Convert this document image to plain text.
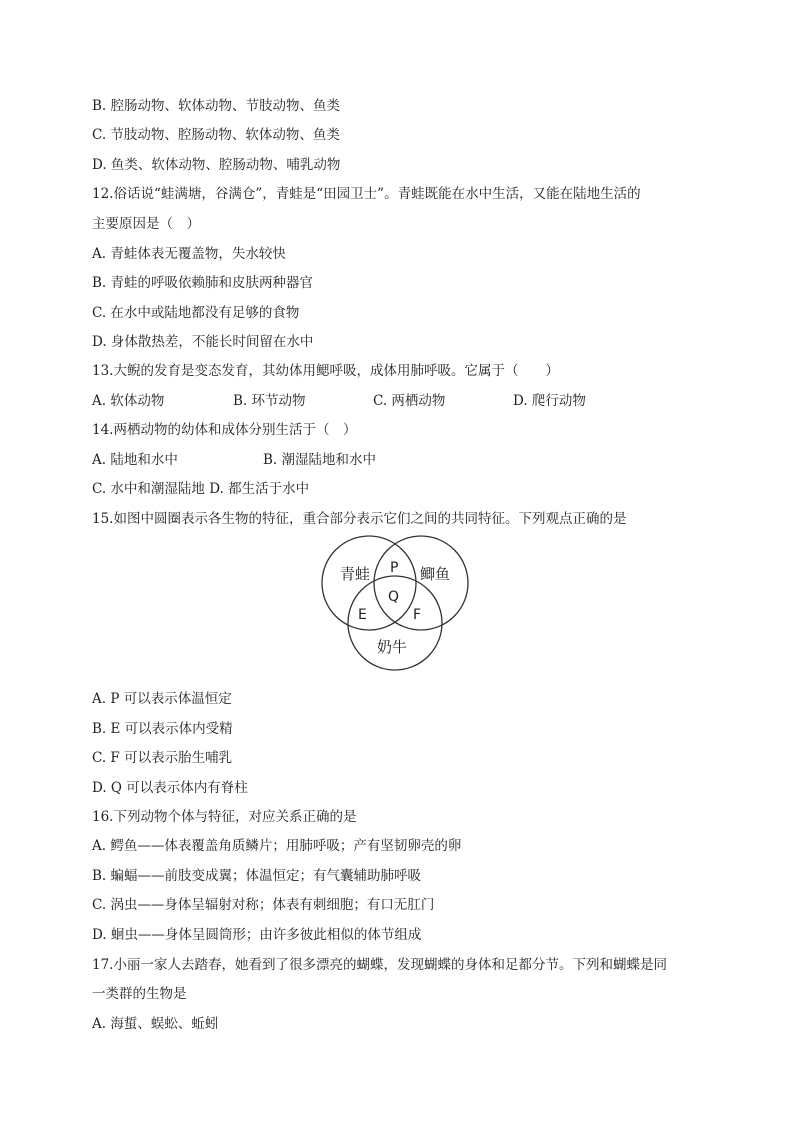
B. 腔肠动物、软体动物、节肢动物、鱼类
C. 节肢动物、腔肠动物、软体动物、鱼类
D. 鱼类、软体动物、腔肠动物、哺乳动物
12.俗话说“蛙满塘，谷满仓”，青蛙是“田园卫士”。青蛙既能在水中生活，又能在陆地生活的
主要原因是（　）
A. 青蛙体表无覆盖物，失水较快
B. 青蛙的呼吸依赖肺和皮肤两种器官
C. 在水中或陆地都没有足够的食物
D. 身体散热差，不能长时间留在水中
13.大鲵的发育是变态发育，其幼体用鳃呼吸，成体用肺呼吸。它属于（　　）
A. 软体动物	B. 环节动物	C. 两栖动物	D. 爬行动物
14.两栖动物的幼体和成体分别生活于（　）
A. 陆地和水中	B. 潮湿陆地和水中
C. 水中和潮湿陆地 D. 都生活于水中
15.如图中圆圈表示各生物的特征，重合部分表示它们之间的共同特征。下列观点正确的是
青蛙	鲫鱼
奶牛
P
Q
E	F
A. P 可以表示体温恒定
B. E 可以表示体内受精
C. F 可以表示胎生哺乳
D. Q 可以表示体内有脊柱
16.下列动物个体与特征，对应关系正确的是
A. 鳄鱼——体表覆盖角质鳞片；用肺呼吸；产有坚韧卵壳的卵
B. 蝙蝠——前肢变成翼；体温恒定；有气囊辅助肺呼吸
C. 涡虫——身体呈辐射对称；体表有刺细胞；有口无肛门
D. 蛔虫——身体呈圆筒形；由许多彼此相似的体节组成
17.小丽一家人去踏春，她看到了很多漂亮的蝴蝶，发现蝴蝶的身体和足都分节。下列和蝴蝶是同
一类群的生物是
A. 海蜇、蜈蚣、蚯蚓
